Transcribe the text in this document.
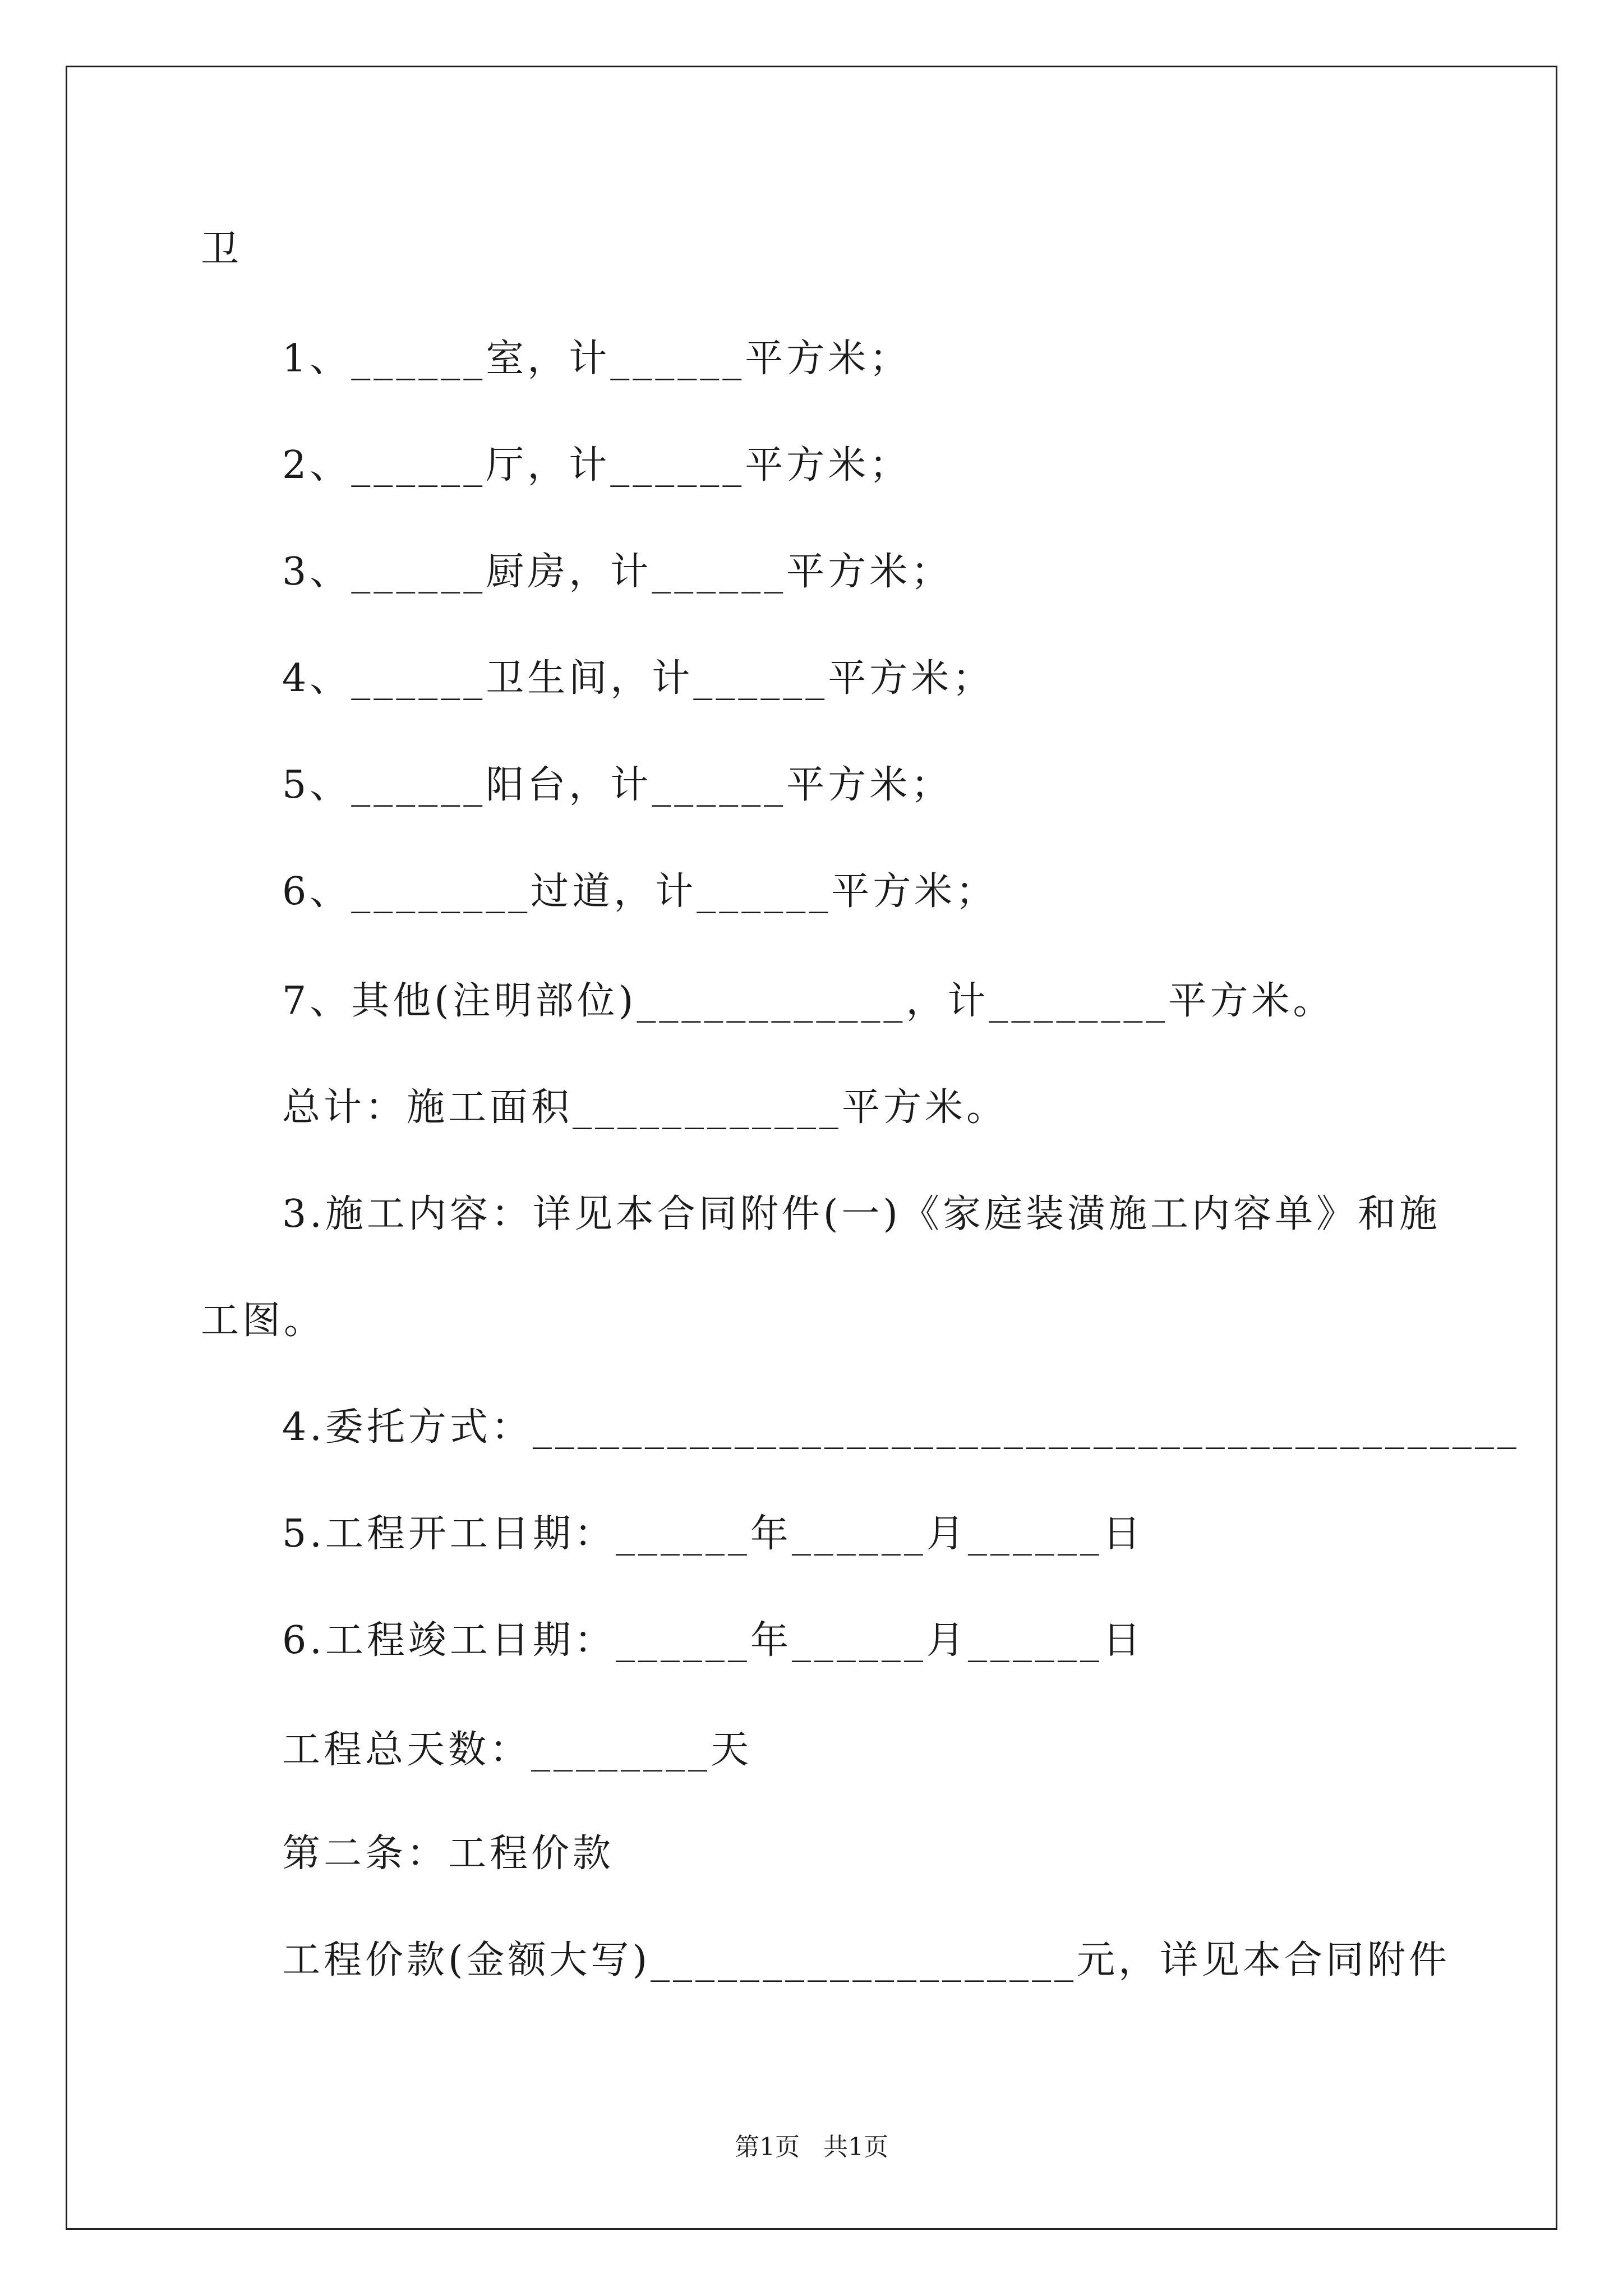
卫
1、______室，计______平方米；
2、______厅，计______平方米；
3、______厨房，计______平方米；
4、______卫生间，计______平方米；
5、______阳台，计______平方米；
6、________过道，计______平方米；
7、其他(注明部位)____________，计________平方米。
总计：施工面积____________平方米。
3.施工内容：详见本合同附件(一)《家庭装潢施工内容单》和施
工图。
4.委托方式：____________________________________________
5.工程开工日期：______年______月______日
6.工程竣工日期：______年______月______日
工程总天数：________天
第二条：工程价款
工程价款(金额大写)___________________元，详见本合同附件
第1页   共1页
